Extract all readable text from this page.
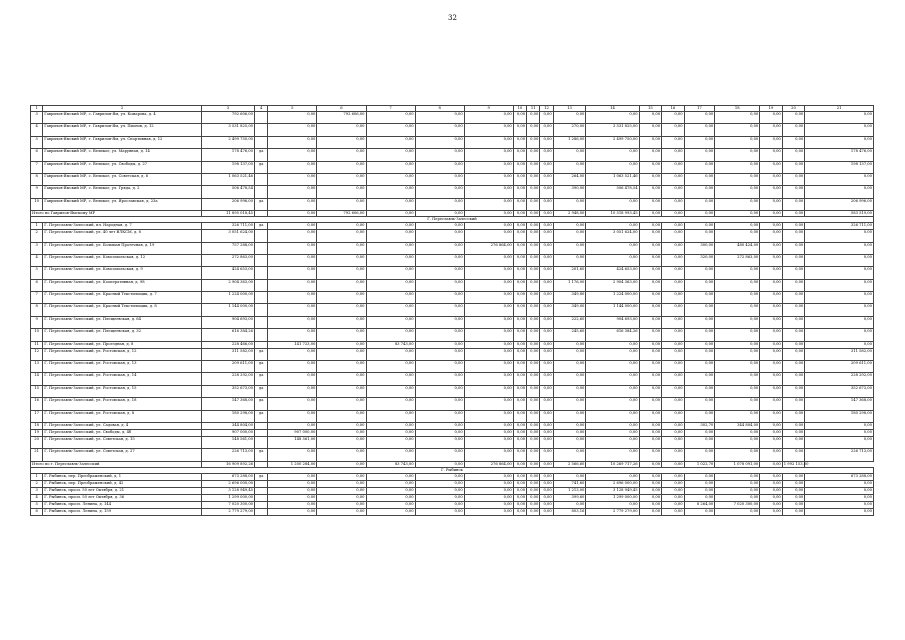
32
1	2	3	4	5	6	7	8	9	10	11	12	13	14	15	16	17	18	19	20	21
3	Гаврилов-Ямский МР, с. Гаврилов-Ям, ул. Комарова, д. 4	792 606,00		0,00	792 606,00	0,00	0,00	0,00	0,00	0,00	0,00	0,00	0,00	0,00	0,00	0,00	0,00	0,00	0,00	0,00
4	Гаврилов-Ямский МР, г. Гаврилов-Ям, ул. Пионов, д. 12	3 531 825,00		0,00	0,00	0,00	0,00	0,00	0,00	0,00	0,00	270,00	3 531 825,00	0,00	0,00	0,00	0,00	0,00	0,00	0,00
5	Гаврилов-Ямский МР, г. Гаврилов-Ям, ул. Спортивная, д. 12	2 499 750,00		0,00	0,00	0,00	0,00	0,00	0,00	0,00	0,00	1 286,00	2 499 750,00	0,00	0,00	0,00	0,00	0,00	0,00	0,00
6	Гаврилов-Ямский МР, с. Великое, ул. Марувная, д. 14	178 476,00	да	0,00	0,00	0,00	0,00	0,00	0,00	0,00	0,00	0,00	0,00	0,00	0,00	0,00	0,00	0,00	0,00	178 476,00
7	Гаврилов-Ямский МР, с. Великое, ул. Свободы, д. 27	198 137,00	да	0,00	0,00	0,00	0,00	0,00	0,00	0,00	0,00	0,00	0,00	0,00	0,00	0,00	0,00	0,00	0,00	198 137,00
8	Гаврилов-Ямский МР, с. Великое, ул. Советская, д. 6	1 063 521,46		0,00	0,00	0,00	0,00	0,00	0,00	0,00	0,00	264,00	1 063 521,46	0,00	0,00	0,00	0,00	0,00	0,00	0,00
9	Гаврилов-Ямский МР, с. Великое, ул. Гряда, д. 2	506 478,54		0,00	0,00	0,00	0,00	0,00	0,00	0,00	0,00	390,00	506 478,54	0,00	0,00	0,00	0,00	0,00	0,00	0,00
10	Гаврилов-Ямский МР, с. Великое, ул. Ярославская, д. 23а	206 996,00	да	0,00	0,00	0,00	0,00	0,00	0,00	0,00	0,00	0,00	0,00	0,00	0,00	0,00	0,00	0,00	0,00	206 996,00
Итого по Гаврилов-Ямскому МР		11 895 018,45		0,00	792 606,00	0,00	0,00	0,00	0,00	0,00	0,00	2 948,00	10 518 993,45	0,00	0,00	0,00	0,00	0,00	0,00	583 519,00
Г. Переславль-Залесский																				
1	Г. Переславль-Залесский, пл. Народная, д. 7	326 711,00	да	0,00	0,00	0,00	0,00	0,00	0,00	0,00	0,00	0,00	0,00	0,00	0,00	0,00	0,00	0,00	0,00	326 711,00
2	Г. Переславль-Залесский, ул. 40 лет ВЛКСМ, д. 8	3 051 624,00		0,00	0,00	0,00	0,00	0,00	0,00	0,00	0,00	0,00	3 051 624,00	0,00	0,00	0,00	0,00	0,00	0,00	0,00
3	Г. Переславль-Залесский, ул. Большая Протечная, д. 19	757 288,00		0,00	0,00	0,00	0,00	276 864,00	0,00	0,00	0,00	0,00	0,00	0,00	0,00	300,00	480 424,00	0,00	0,00	0,00
4	Г. Переславль-Залесский, ул. Комсомольская, д. 12	272 863,00		0,00	0,00	0,00	0,00	0,00	0,00	0,00	0,00	0,00	0,00	0,00	0,00	320,00	272 863,00	0,00	0,00	0,00
5	Г. Переславль-Залесский, ул. Комсомольская, д. 9	424 653,00		0,00	0,00	0,00	0,00	0,00	0,00	0,00	0,00	201,60	424 653,00	0,00	0,00	0,00	0,00	0,00	0,00	0,00
6	Г. Переславль-Залесский, ул. Кооперативная, д. 98	2 904 363,00		0,00	0,00	0,00	0,00	0,00	0,00	0,00	0,00	1 176,00	2 904 363,00	0,00	0,00	0,00	0,00	0,00	0,00	0,00
7	Г. Переславль-Залесский, ул. Красный Текстильщик, д. 7	1 224 000,00		0,00	0,00	0,00	0,00	0,00	0,00	0,00	0,00	349,80	1 224 000,00	0,00	0,00	0,00	0,00	0,00	0,00	0,00
8	Г. Переславль-Залесский, ул. Красный Текстильщик, д. 8	1 144 000,00		0,00	0,00	0,00	0,00	0,00	0,00	0,00	0,00	349,00	1 144 000,00	0,00	0,00	0,00	0,00	0,00	0,00	0,00
9	Г. Переславль-Залесский, ул. Плещеевская, д. 64	904 693,00		0,00	0,00	0,00	0,00	0,00	0,00	0,00	0,00	222,60	904 693,00	0,00	0,00	0,00	0,00	0,00	0,00	0,00
10	Г. Переславль-Залесский, ул. Плещеевская, д. 32	616 384,26		0,00	0,00	0,00	0,00	0,00	0,00	0,00	0,00	245,60	616 384,26	0,00	0,00	0,00	0,00	0,00	0,00	0,00
11	Г. Переславль-Залесский, ул. Проездная, д. 8	228 466,00		141 723,00	0,00	83 743,00	0,00	0,00	0,00	0,00	0,00	0,00	0,00	0,00	0,00	0,00	0,00	0,00	0,00	0,00
12	Г. Переславль-Залесский, ул. Ростовская, д. 12	311 582,00	да	0,00	0,00	0,00	0,00	0,00	0,00	0,00	0,00	0,00	0,00	0,00	0,00	0,00	0,00	0,00	0,00	311 582,00
13	Г. Переславль-Залесский, ул. Ростовская, д. 13	209 611,00	да	0,00	0,00	0,00	0,00	0,00	0,00	0,00	0,00	0,00	0,00	0,00	0,00	0,00	0,00	0,00	0,00	209 611,00
14	Г. Переславль-Залесский, ул. Ростовская, д. 14	228 292,00	да	0,00	0,00	0,00	0,00	0,00	0,00	0,00	0,00	0,00	0,00	0,00	0,00	0,00	0,00	0,00	0,00	228 292,00
15	Г. Переславль-Залесский, ул. Ростовская, д. 15	352 673,00	да	0,00	0,00	0,00	0,00	0,00	0,00	0,00	0,00	0,00	0,00	0,00	0,00	0,00	0,00	0,00	0,00	352 673,00
16	Г. Переславль-Залесский, ул. Ростовская, д. 18	147 368,00	да	0,00	0,00	0,00	0,00	0,00	0,00	0,00	0,00	0,00	0,00	0,00	0,00	0,00	0,00	0,00	0,00	147 368,00
17	Г. Переславль-Залесский, ул. Ростовская, д. 8	180 298,00	да	0,00	0,00	0,00	0,00	0,00	0,00	0,00	0,00	0,00	0,00	0,00	0,00	0,00	0,00	0,00	0,00	180 298,00
18	Г. Переславль-Залесский, ул. Садовая, д. 4	344 804,00		0,00	0,00	0,00	0,00	0,00	0,00	0,00	0,00	0,00	0,00	0,00	0,00	302,70	344 804,00	0,00	0,00	0,00
19	Г. Переславль-Залесский, ул. Свободы, д. 4б	907 000,00		907 000,00	0,00	0,00	0,00	0,00	0,00	0,00	0,00	0,00	0,00	0,00	0,00	0,00	0,00	0,00	0,00	0,00
20	Г. Переславль-Залесский, ул. Советская, д. 15	148 561,00		148 561,00	0,00	0,00	0,00	0,00	0,00	0,00	0,00	0,00	0,00	0,00	0,00	0,00	0,00	0,00	0,00	0,00
21	Г. Переславль-Залесский, ул. Советская, д. 27	226 713,00	да	0,00	0,00	0,00	0,00	0,00	0,00	0,00	0,00	0,00	0,00	0,00	0,00	0,00	0,00	0,00	0,00	226 713,00
Итого по г. Переславль-Залесский		16 909 892,26		1 200 284,00	0,00	83 743,00	0,00	276 864,00	0,00	0,00	0,00	2 566,60	10 269 717,26	0,00	0,00	1 022,70	1 078 091,00	0,00	1 992 153,00	
Г. Рыбинск																				
1	Г. Рыбинск, пер. Преображенский, д. 1	673 288,00	да	0,00	0,00	0,00	0,00	0,00	0,00	0,00	0,00	0,00	0,00	0,00	0,00	0,00	0,00	0,00	0,00	673 288,00
2	Г. Рыбинск, пер. Преображенский, д. 42	2 696 000,00		0,00	0,00	0,00	0,00	0,00	0,00	0,00	0,00	741,60	2 696 000,00	0,00	0,00	0,00	0,00	0,00	0,00	0,00
3	Г. Рыбинск, просп. 50 лет Октября, д. 21	3 128 949,45		0,00	0,00	0,00	0,00	0,00	0,00	0,00	0,00	1 213,00	3 128 949,45	0,00	0,00	0,00	0,00	0,00	0,00	0,00
4	Г. Рыбинск, просп. 50 лет Октября, д. 36	1 299 000,00		0,00	0,00	0,00	0,00	0,00	0,00	0,00	0,00	399,60	1 299 000,00	0,00	0,00	0,00	0,00	0,00	0,00	0,00
5	Г. Рыбинск, просп. Ленина, д. 144	7 020 300,00		0,00	0,00	0,00	0,00	0,00	0,00	0,00	0,00	0,00	0,00	0,00	0,00	8 264,00	7 020 300,00	0,00	0,00	0,00
6	Г. Рыбинск, просп. Ленина, д. 159	2 779 279,00		0,00	0,00	0,00	0,00	0,00	0,00	0,00	0,00	803,16	2 779 279,00	0,00	0,00	0,00	0,00	0,00	0,00	0,00
